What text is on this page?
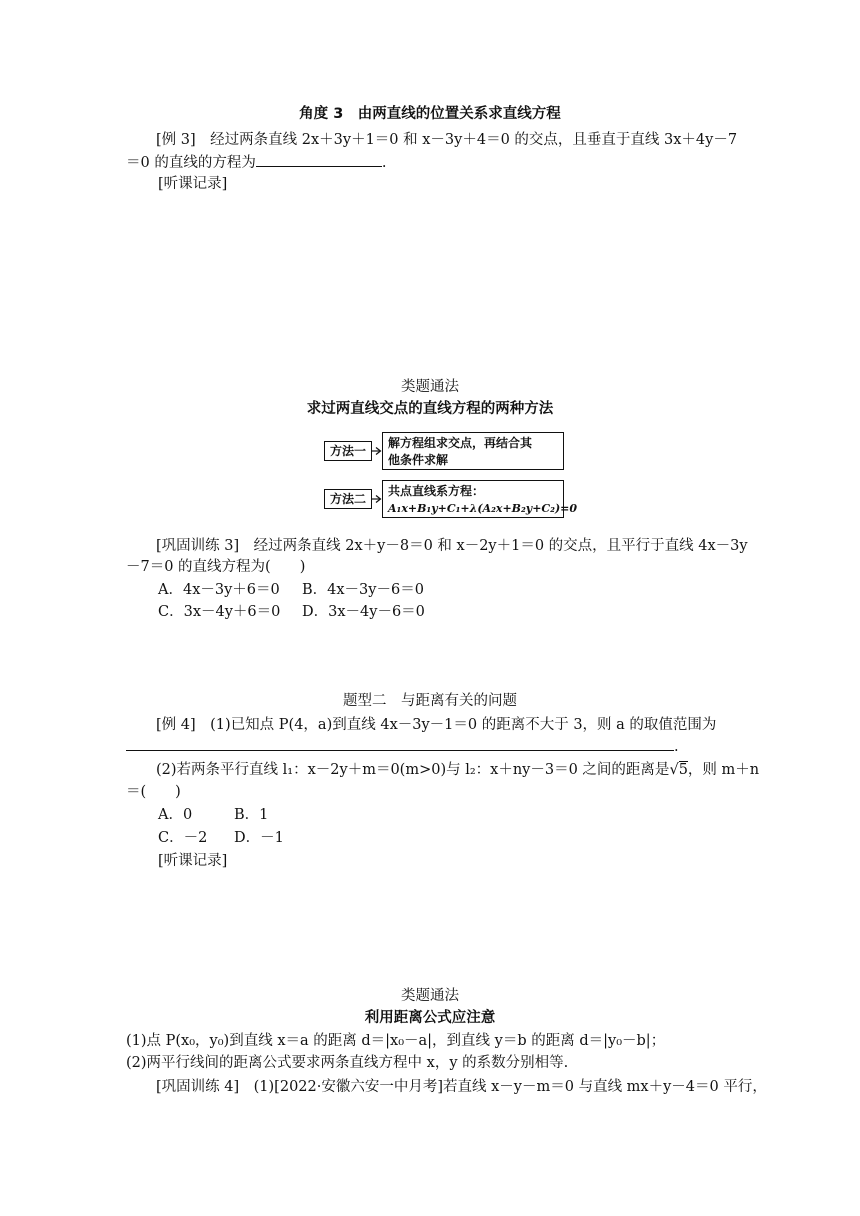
角度 3　由两直线的位置关系求直线方程
[例 3]　经过两条直线 2x＋3y＋1＝0 和 x－3y＋4＝0 的交点，且垂直于直线 3x＋4y－7
＝0 的直线的方程为	.
[听课记录]
类题通法
求过两直线交点的直线方程的两种方法
方法一
解方程组求交点，再结合其
他条件求解
方法二
共点直线系方程：
A₁x+B₁y+C₁+λ(A₂x+B₂y+C₂)=0
[巩固训练 3]　经过两条直线 2x＋y－8＝0 和 x－2y＋1＝0 的交点，且平行于直线 4x－3y
－7＝0 的直线方程为(　　)
A．4x－3y＋6＝0 B．4x－3y－6＝0
C．3x－4y＋6＝0 D．3x－4y－6＝0
题型二　与距离有关的问题
[例 4]　(1)已知点 P(4，a)到直线 4x－3y－1＝0 的距离不大于 3，则 a 的取值范围为
.
(2)若两条平行直线 l₁：x－2y＋m＝0(m>0)与 l₂：x＋ny－3＝0 之间的距离是√5，则 m＋n
＝(　　)
A．0	B．1
C．－2 D．－1
[听课记录]
类题通法
利用距离公式应注意
(1)点 P(x₀，y₀)到直线 x＝a 的距离 d＝|x₀－a|，到直线 y＝b 的距离 d＝|y₀－b|；
(2)两平行线间的距离公式要求两条直线方程中 x，y 的系数分别相等.
[巩固训练 4]　(1)[2022·安徽六安一中月考]若直线 x－y－m＝0 与直线 mx＋y－4＝0 平行，
